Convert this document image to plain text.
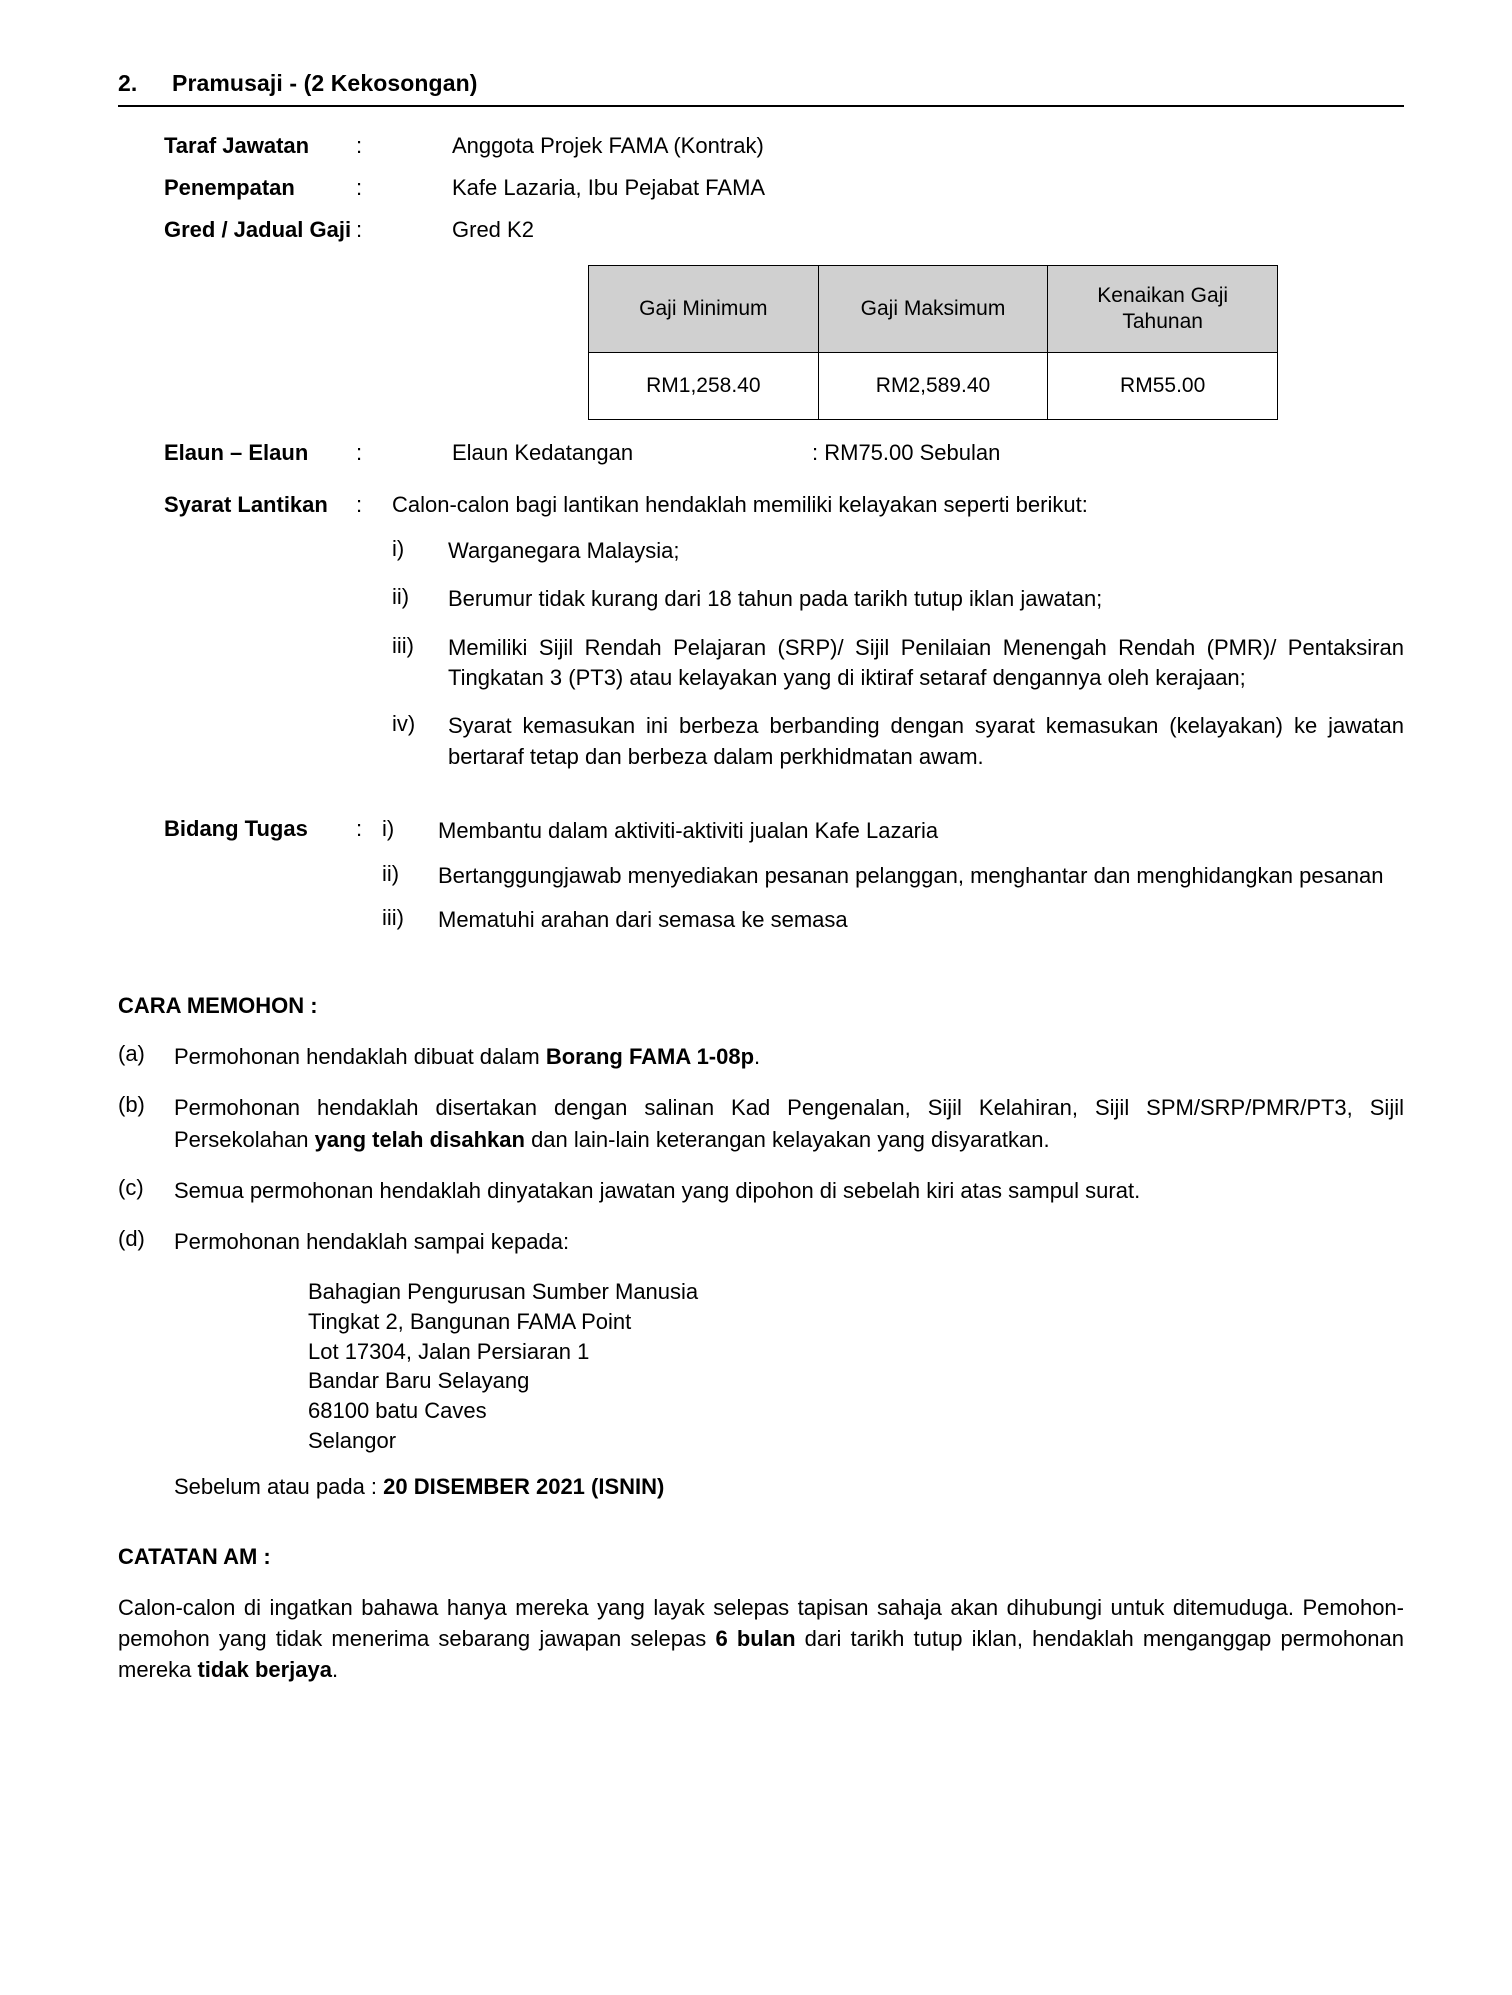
2.	Pramusaji - (2 Kekosongan)
Taraf Jawatan	:	Anggota Projek FAMA (Kontrak)
Penempatan	:	Kafe Lazaria, Ibu Pejabat FAMA
Gred / Jadual Gaji :	Gred K2
Gaji Minimum	Gaji Maksimum	Kenaikan Gaji Tahunan
RM1,258.40	RM2,589.40	RM55.00
Elaun – Elaun	:	Elaun Kedatangan	: RM75.00 Sebulan
Syarat Lantikan	:	Calon-calon bagi lantikan hendaklah memiliki kelayakan seperti berikut:
i)	Warganegara Malaysia;
ii)	Berumur tidak kurang dari 18 tahun pada tarikh tutup iklan jawatan;
iii)	Memiliki Sijil Rendah Pelajaran (SRP)/ Sijil Penilaian Menengah Rendah (PMR)/ Pentaksiran Tingkatan 3 (PT3) atau kelayakan yang di iktiraf setaraf dengannya oleh kerajaan;
iv)	Syarat kemasukan ini berbeza berbanding dengan syarat kemasukan (kelayakan) ke jawatan bertaraf tetap dan berbeza dalam perkhidmatan awam.
Bidang Tugas	: i)	Membantu dalam aktiviti-aktiviti jualan Kafe Lazaria
ii)	Bertanggungjawab menyediakan pesanan pelanggan, menghantar dan menghidangkan pesanan
iii)	Mematuhi arahan dari semasa ke semasa
CARA MEMOHON :
(a)	Permohonan hendaklah dibuat dalam Borang FAMA 1-08p.
(b)	Permohonan hendaklah disertakan dengan salinan Kad Pengenalan, Sijil Kelahiran, Sijil SPM/SRP/PMR/PT3, Sijil Persekolahan yang telah disahkan dan lain-lain keterangan kelayakan yang disyaratkan.
(c)	Semua permohonan hendaklah dinyatakan jawatan yang dipohon di sebelah kiri atas sampul surat.
(d)	Permohonan hendaklah sampai kepada:
Bahagian Pengurusan Sumber Manusia
Tingkat 2, Bangunan FAMA Point
Lot 17304, Jalan Persiaran 1
Bandar Baru Selayang
68100 batu Caves
Selangor
Sebelum atau pada : 20 DISEMBER 2021 (ISNIN)
CATATAN AM :
Calon-calon di ingatkan bahawa hanya mereka yang layak selepas tapisan sahaja akan dihubungi untuk ditemuduga. Pemohon-pemohon yang tidak menerima sebarang jawapan selepas 6 bulan dari tarikh tutup iklan, hendaklah menganggap permohonan mereka tidak berjaya.
